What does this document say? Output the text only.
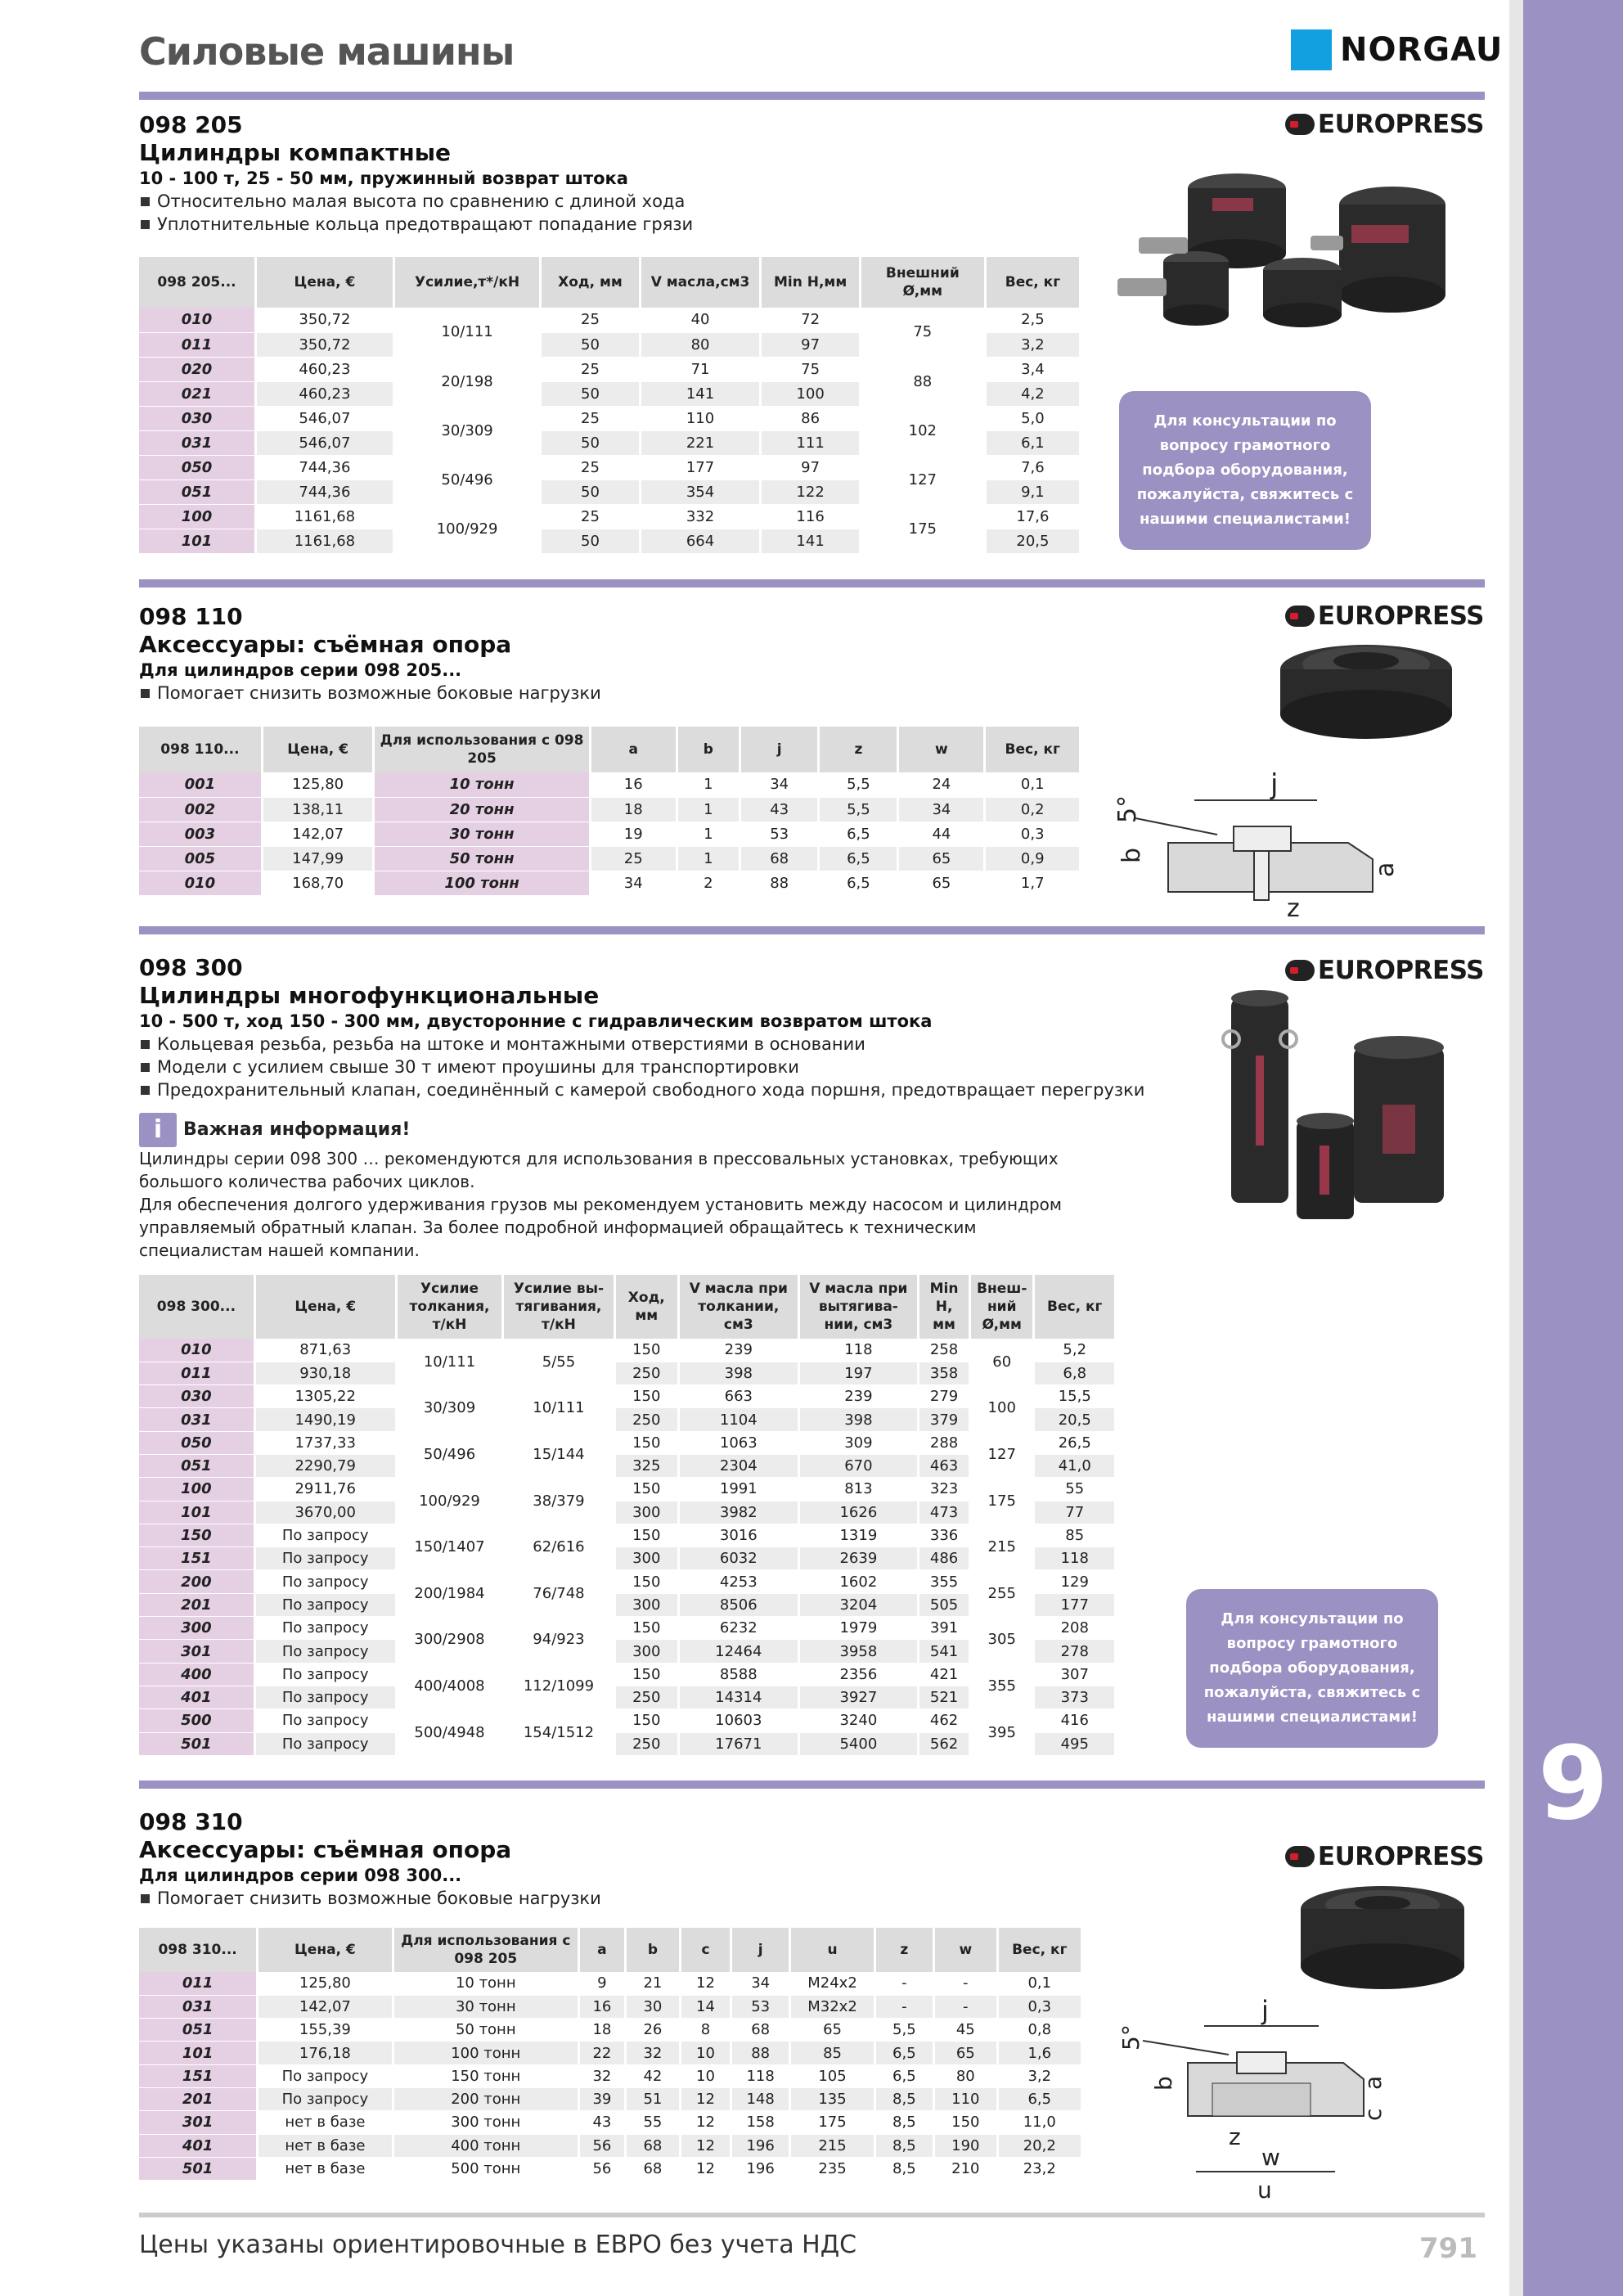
9
Силовые машины	NORGAU
EUROPRESS
098 205
Цилиндры компактные
10 - 100 т, 25 - 50 мм, пружинный возврат штока
Относительно малая высота по сравнению с длиной хода
Уплотнительные кольца предотвращают попадание грязи
098 205...	Цена, €	Усилие,т*/кН	Ход, мм	V масла,см3	Min H,мм	Внешний Ø,мм	Вес, кг
010	350,72	10/111	25	40	72	75	2,5
011	350,72		50	80	97		3,2
020	460,23	20/198	25	71	75	88	3,4
021	460,23		50	141	100		4,2
030	546,07	30/309	25	110	86	102	5,0
031	546,07		50	221	111		6,1
050	744,36	50/496	25	177	97	127	7,6
051	744,36		50	354	122		9,1
100	1161,68	100/929	25	332	116	175	17,6
101	1161,68		50	664	141		20,5
Для консультации по вопросу грамотного подбора оборудования, пожалуйста, свяжитесь с нашими специалистами!
EUROPRESS
098 110
Аксессуары: съёмная опора
Для цилиндров серии 098 205...
Помогает снизить возможные боковые нагрузки
098 110...	Цена, €	Для использования с 098 205	a	b	j	z	w	Вес, кг
001	125,80	10 тонн	16	1	34	5,5	24	0,1
002	138,11	20 тонн	18	1	43	5,5	34	0,2
003	142,07	30 тонн	19	1	53	6,5	44	0,3
005	147,99	50 тонн	25	1	68	6,5	65	0,9
010	168,70	100 тонн	34	2	88	6,5	65	1,7
j
5°
b
a
z
EUROPRESS
098 300
Цилиндры многофункциональные
10 - 500 т, ход 150 - 300 мм, двусторонние с гидравлическим возвратом штока
Кольцевая резьба, резьба на штоке и монтажными отверстиями в основании
Модели с усилием свыше 30 т имеют проушины для транспортировки
Предохранительный клапан, соединённый с камерой свободного хода поршня, предотвращает перегрузки
i	Важная информация!
Цилиндры серии 098 300 … рекомендуются для использования в прессовальных установках, требующих большого количества рабочих циклов.
Для обеспечения долгого удерживания грузов мы рекомендуем установить между насосом и цилиндром управляемый обратный клапан. За более подробной информацией обращайтесь к техническим специалистам нашей компании.
098 300...	Цена, €	Усилие толкания, т/кН	Усилие вы-тягивания, т/кН	Ход, мм	V масла при толкании, см3	V масла при вытягива-нии, см3	Min H, мм	Внеш-ний Ø,мм	Вес, кг
010	871,63	10/111	5/55	150	239	118	258	60	5,2
011	930,18			250	398	197	358		6,8
030	1305,22	30/309	10/111	150	663	239	279	100	15,5
031	1490,19			250	1104	398	379		20,5
050	1737,33	50/496	15/144	150	1063	309	288	127	26,5
051	2290,79			325	2304	670	463		41,0
100	2911,76	100/929	38/379	150	1991	813	323	175	55
101	3670,00			300	3982	1626	473		77
150	По запросу	150/1407	62/616	150	3016	1319	336	215	85
151	По запросу			300	6032	2639	486		118
200	По запросу	200/1984	76/748	150	4253	1602	355	255	129
201	По запросу			300	8506	3204	505		177
300	По запросу	300/2908	94/923	150	6232	1979	391	305	208
301	По запросу			300	12464	3958	541		278
400	По запросу	400/4008	112/1099	150	8588	2356	421	355	307
401	По запросу			250	14314	3927	521		373
500	По запросу	500/4948	154/1512	150	10603	3240	462	395	416
501	По запросу			250	17671	5400	562		495
Для консультации по вопросу грамотного подбора оборудования, пожалуйста, свяжитесь с нашими специалистами!
EUROPRESS
098 310
Аксессуары: съёмная опора
Для цилиндров серии 098 300...
Помогает снизить возможные боковые нагрузки
098 310...	Цена, €	Для использования с 098 205	a	b	c	j	u	z	w	Вес, кг
011	125,80	10 тонн	9	21	12	34	M24x2	-	-	0,1
031	142,07	30 тонн	16	30	14	53	M32x2	-	-	0,3
051	155,39	50 тонн	18	26	8	68	65	5,5	45	0,8
101	176,18	100 тонн	22	32	10	88	85	6,5	65	1,6
151	По запросу	150 тонн	32	42	10	118	105	6,5	80	3,2
201	По запросу	200 тонн	39	51	12	148	135	8,5	110	6,5
301	нет в базе	300 тонн	43	55	12	158	175	8,5	150	11,0
401	нет в базе	400 тонн	56	68	12	196	215	8,5	190	20,2
501	нет в базе	500 тонн	56	68	12	196	235	8,5	210	23,2
j
5°
b	a
c
z
w
u
Цены указаны ориентировочные в ЕВРО без учета НДС	791
